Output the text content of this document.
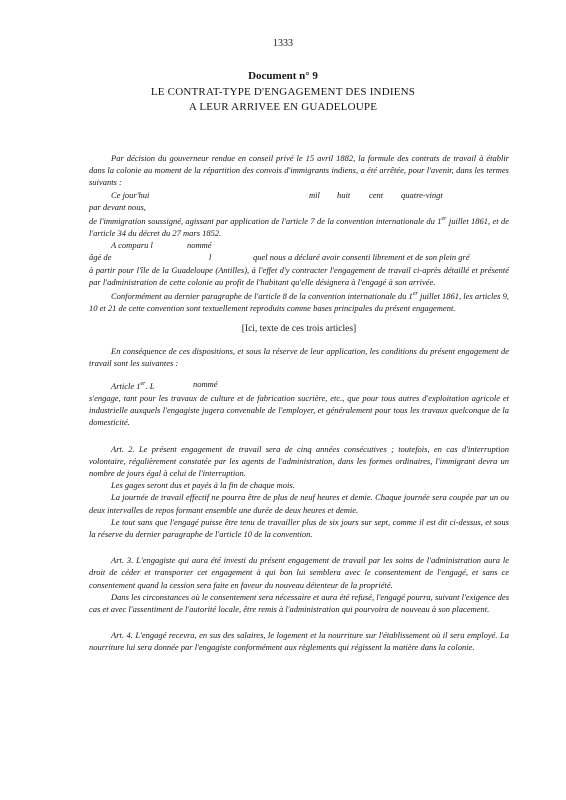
1333
Document n° 9
LE CONTRAT-TYPE D'ENGAGEMENT DES INDIENS
A LEUR ARRIVEE EN GUADELOUPE

Par décision du gouverneur rendue en conseil privé le 15 avril 1882, la formule des contrats de travail à établir dans la colonie au moment de la répartition des convois d'immigrants indiens, a été arrêtée, pour l'avenir, dans les termes suivants :

Ce jour'hui	mil	huit	cent	quatre-vingt

par devant nous,

de l'immigration soussigné, agissant par application de l'article 7 de la convention internationale du 1er juillet 1861, et de l'article 34 du décret du 27 mars 1852.

A comparu l	nommé
âgé de	l	quel nous a déclaré avoir consenti librement et de son plein gré

à partir pour l'île de la Guadeloupe (Antilles), à l'effet d'y contracter l'engagement de travail ci-après détaillé et présenté par l'administration de cette colonie au profit de l'habitant qu'elle désignera à l'engagé à son arrivée.

Conformément au dernier paragraphe de l'article 8 de la convention internationale du 1er juillet 1861, les articles 9, 10 et 21 de cette convention sont textuellement reproduits comme bases principales du présent engagement.

[Ici, texte de ces trois articles]

En conséquence de ces dispositions, et sous la réserve de leur application, les conditions du présent engagement de travail sont les suivantes :

Article 1er. L	nommé

s'engage, tant pour les travaux de culture et de fabrication sucrière, etc., que pour tous autres d'exploitation agricole et industrielle auxquels l'engagiste jugera convenable de l'employer, et généralement pour tous les travaux quelconque de la domesticité.

Art. 2. Le présent engagement de travail sera de cinq années consécutives ; toutefois, en cas d'interruption volontaire, régulièrement constatée par les agents de l'administration, dans les formes ordinaires, l'immigrant devra un nombre de jours égal à celui de l'interruption.

Les gages seront dus et payés à la fin de chaque mois.

La journée de travail effectif ne pourra être de plus de neuf heures et demie. Chaque journée sera coupée par un ou deux intervalles de repos formant ensemble une durée de deux heures et demie.

Le tout sans que l'engagé puisse être tenu de travailler plus de six jours sur sept, comme il est dit ci-dessus, et sous la réserve du dernier paragraphe de l'article 10 de la convention.

Art. 3. L'engagiste qui aura été investi du présent engagement de travail par les soins de l'administration aura le droit de céder et transporter cet engagement à qui bon lui semblera avec le consentement de l'engagé, et sans ce consentement quand la cession sera faite en faveur du nouveau détenteur de la propriété.

Dans les circonstances où le consentement sera nécessaire et aura été refusé, l'engagé pourra, suivant l'exigence des cas et avec l'assentiment de l'autorité locale, être remis à l'administration qui pourvoira de nouveau à son placement.

Art. 4. L'engagé recevra, en sus des salaires, le logement et la nourriture sur l'établissement où il sera employé. La nourriture lui sera donnée par l'engagiste conformément aux règlements qui régissent la matière dans la colonie.
